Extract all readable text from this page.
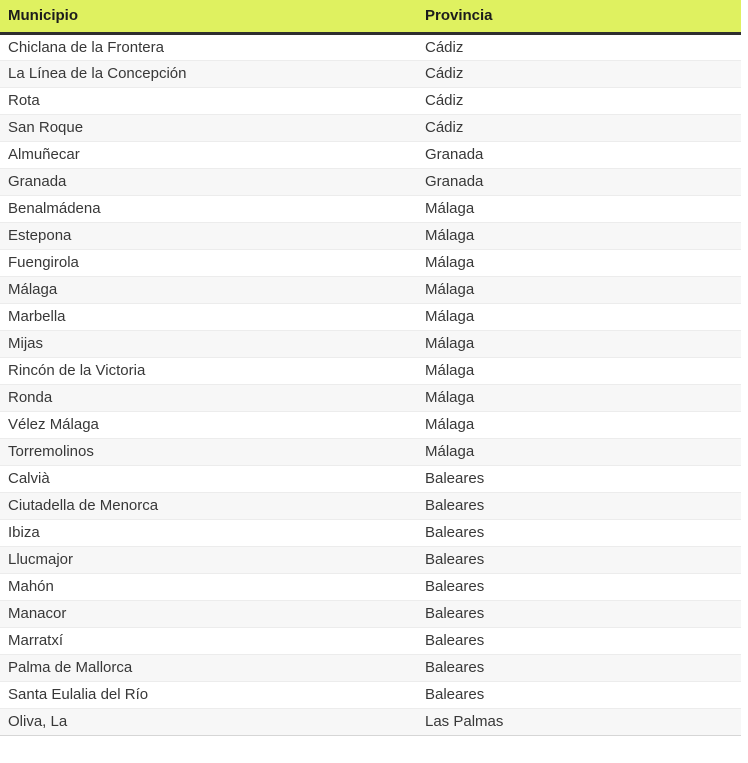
Municipio	Provincia
Chiclana de la Frontera	Cádiz
La Línea de la Concepción	Cádiz
Rota	Cádiz
San Roque	Cádiz
Almuñecar	Granada
Granada	Granada
Benalmádena	Málaga
Estepona	Málaga
Fuengirola	Málaga
Málaga	Málaga
Marbella	Málaga
Mijas	Málaga
Rincón de la Victoria	Málaga
Ronda	Málaga
Vélez Málaga	Málaga
Torremolinos	Málaga
Calvià	Baleares
Ciutadella de Menorca	Baleares
Ibiza	Baleares
Llucmajor	Baleares
Mahón	Baleares
Manacor	Baleares
Marratxí	Baleares
Palma de Mallorca	Baleares
Santa Eulalia del Río	Baleares
Oliva, La	Las Palmas
